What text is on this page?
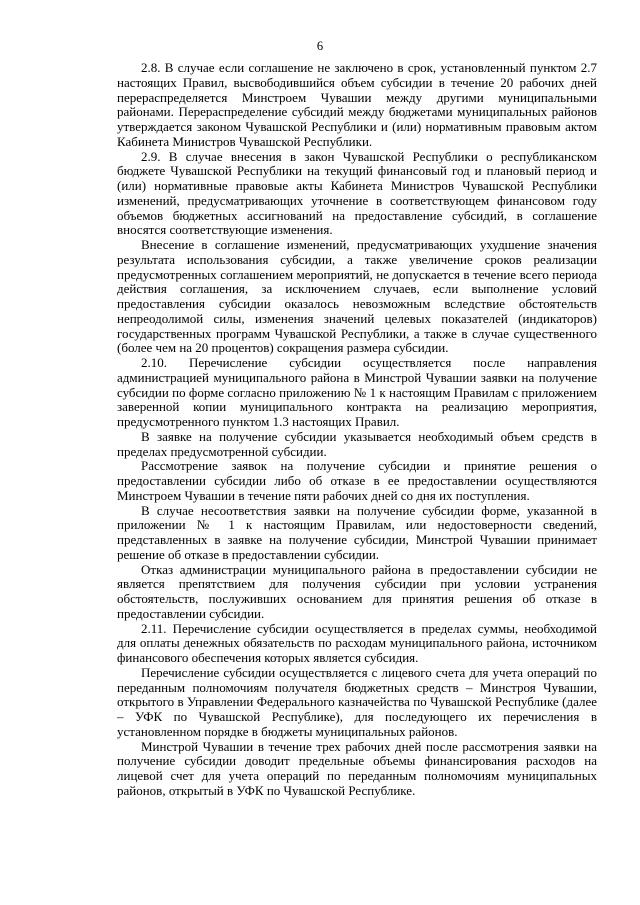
6

2.8. В случае если соглашение не заключено в срок, установленный пунктом 2.7 настоящих Правил, высвободившийся объем субсидии в течение 20 рабочих дней перераспределяется Минстроем Чувашии между другими муниципальными районами. Перераспределение субсидий между бюджетами муниципальных районов утверждается законом Чувашской Республики и (или) нормативным правовым актом Кабинета Министров Чувашской Республики.

2.9. В случае внесения в закон Чувашской Республики о республиканском бюджете Чувашской Республики на текущий финансовый год и плановый период и (или) нормативные правовые акты Кабинета Министров Чувашской Республики изменений, предусматривающих уточнение в соответствующем финансовом году объемов бюджетных ассигнований на предоставление субсидий, в соглашение вносятся соответствующие изменения.

Внесение в соглашение изменений, предусматривающих ухудшение значения результата использования субсидии, а также увеличение сроков реализации предусмотренных соглашением мероприятий, не допускается в течение всего периода действия соглашения, за исключением случаев, если выполнение условий предоставления субсидии оказалось невозможным вследствие обстоятельств непреодолимой силы, изменения значений целевых показателей (индикаторов) государственных программ Чувашской Республики, а также в случае существенного (более чем на 20 процентов) сокращения размера субсидии.

2.10. Перечисление субсидии осуществляется после направления администрацией муниципального района в Минстрой Чувашии заявки на получение субсидии по форме согласно приложению № 1 к настоящим Правилам с приложением заверенной копии муниципального контракта на реализацию мероприятия, предусмотренного пунктом 1.3 настоящих Правил.

В заявке на получение субсидии указывается необходимый объем средств в пределах предусмотренной субсидии.

Рассмотрение заявок на получение субсидии и принятие решения о предоставлении субсидии либо об отказе в ее предоставлении осуществляются Минстроем Чувашии в течение пяти рабочих дней со дня их поступления.

В случае несоответствия заявки на получение субсидии форме, указанной в приложении № 1 к настоящим Правилам, или недостоверности сведений, представленных в заявке на получение субсидии, Минстрой Чувашии принимает решение об отказе в предоставлении субсидии.

Отказ администрации муниципального района в предоставлении субсидии не является препятствием для получения субсидии при условии устранения обстоятельств, послуживших основанием для принятия решения об отказе в предоставлении субсидии.

2.11. Перечисление субсидии осуществляется в пределах суммы, необходимой для оплаты денежных обязательств по расходам муниципального района, источником финансового обеспечения которых является субсидия.

Перечисление субсидии осуществляется с лицевого счета для учета операций по переданным полномочиям получателя бюджетных средств – Минстроя Чувашии, открытого в Управлении Федерального казначейства по Чувашской Республике (далее – УФК по Чувашской Республике), для последующего их перечисления в установленном порядке в бюджеты муниципальных районов.

Минстрой Чувашии в течение трех рабочих дней после рассмотрения заявки на получение субсидии доводит предельные объемы финансирования расходов на лицевой счет для учета операций по переданным полномочиям муниципальных районов, открытый в УФК по Чувашской Республике.
